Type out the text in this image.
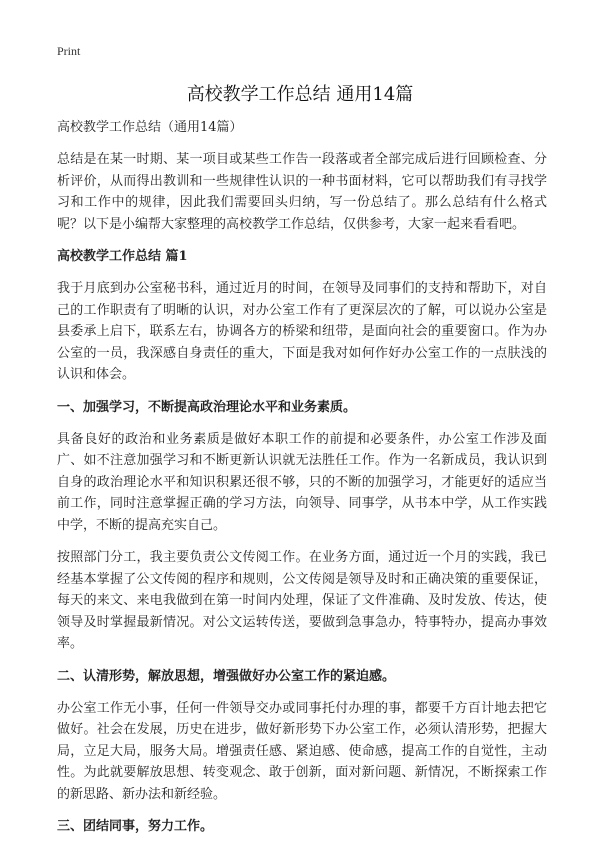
Print
高校教学工作总结 通用14篇
高校教学工作总结（通用14篇）
总结是在某一时期、某一项目或某些工作告一段落或者全部完成后进行回顾检查、分析评价，从而得出教训和一些规律性认识的一种书面材料，它可以帮助我们有寻找学习和工作中的规律，因此我们需要回头归纳，写一份总结了。那么总结有什么格式呢？以下是小编帮大家整理的高校教学工作总结，仅供参考，大家一起来看看吧。
高校教学工作总结 篇1
我于月底到办公室秘书科，通过近月的时间，在领导及同事们的支持和帮助下，对自己的工作职责有了明晰的认识，对办公室工作有了更深层次的了解，可以说办公室是县委承上启下，联系左右，协调各方的桥梁和纽带，是面向社会的重要窗口。作为办公室的一员，我深感自身责任的重大，下面是我对如何作好办公室工作的一点肤浅的认识和体会。
一、加强学习，不断提高政治理论水平和业务素质。
具备良好的政治和业务素质是做好本职工作的前提和必要条件，办公室工作涉及面广、如不注意加强学习和不断更新认识就无法胜任工作。作为一名新成员，我认识到自身的政治理论水平和知识积累还很不够，只的不断的加强学习，才能更好的适应当前工作，同时注意掌握正确的学习方法，向领导、同事学，从书本中学，从工作实践中学，不断的提高充实自己。
按照部门分工，我主要负责公文传阅工作。在业务方面，通过近一个月的实践，我已经基本掌握了公文传阅的程序和规则，公文传阅是领导及时和正确决策的重要保证，每天的来文、来电我做到在第一时间内处理，保证了文件准确、及时发放、传达，使领导及时掌握最新情况。对公文运转传送，要做到急事急办，特事特办，提高办事效率。
二、认清形势，解放思想，增强做好办公室工作的紧迫感。
办公室工作无小事，任何一件领导交办或同事托付办理的事，都要千方百计地去把它做好。社会在发展，历史在进步，做好新形势下办公室工作，必须认清形势，把握大局，立足大局，服务大局。增强责任感、紧迫感、使命感，提高工作的自觉性，主动性。为此就要解放思想、转变观念、敢于创新，面对新问题、新情况，不断探索工作的新思路、新办法和新经验。
三、团结同事，努力工作。
